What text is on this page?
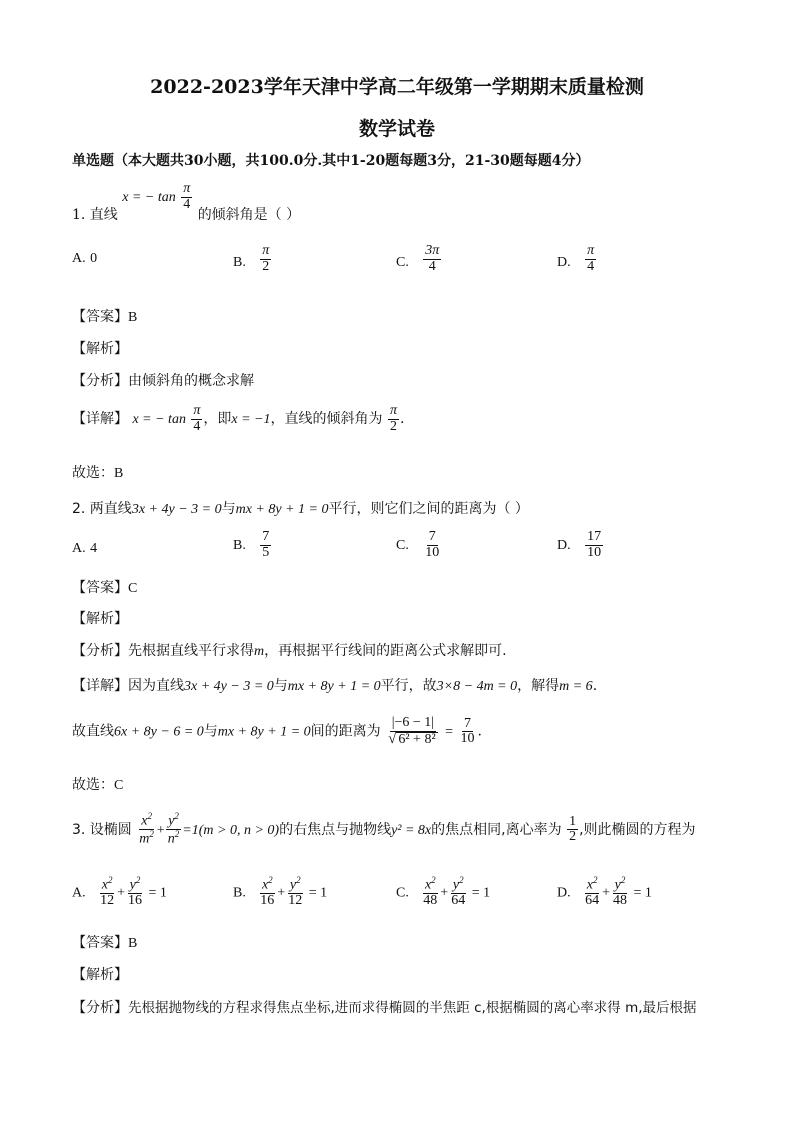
2022-2023学年天津中学高二年级第一学期期末质量检测
数学试卷
单选题（本大题共30小题，共100.0分.其中1-20题每题3分，21-30题每题4分）
1. 直线 x = − $\tan \frac{\pi}{4}$
的倾斜角是（ ）
A. 0	B. $\frac{\pi}{2}$	C. $\frac{3\pi}{4}$	D. $\frac{\pi}{4}$
【答案】B
【解析】
【分析】由倾斜角的概念求解
【详解】 x = − $\tan \frac{\pi}{4}$ ，即x = −1，直线的倾斜角为 $\frac{\pi}{2}$ .
故选：B
2. 两直线3x + 4y − 3 = 0与mx + 8y + 1 = 0平行，则它们之间的距离为（ ）
A. 4	B. $\frac{7}{5}$	C. $\frac{7}{10}$	D. $\frac{17}{10}$
【答案】C
【解析】
【分析】先根据直线平行求得m，再根据平行线间的距离公式求解即可.
【详解】因为直线3x + 4y − 3 = 0与mx + 8y + 1 = 0平行，故3×8 − 4m = 0，解得m = 6.
故直线6x + 8y − 6 = 0与mx + 8y + 1 = 0间的距离为 $\frac{|-6 - 1|}{\text{√ 6² + 8²}} = \frac{7}{10}$ .
故选：C
3. 设椭圆 $\frac{x^2}{m^2} + \frac{y^2}{n^2} =1(m > 0$, n > 0)的右焦点与抛物线y² = 8x的焦点相同,离心率为 $\frac{1}{2}$ ,则此椭圆的方程为
A. $\frac{x^2}{12} + \frac{y^2}{16} = 1$	B. $\frac{x^2}{16} + \frac{y^2}{12} = 1$	C. $\frac{x^2}{48} + \frac{y^2}{64} = 1$	D. $\frac{x^2}{64} + \frac{y^2}{48} = 1$
【答案】B
【解析】
【分析】先根据抛物线的方程求得焦点坐标,进而求得椭圆的半焦距 c,根据椭圆的离心率求得 m,最后根据
